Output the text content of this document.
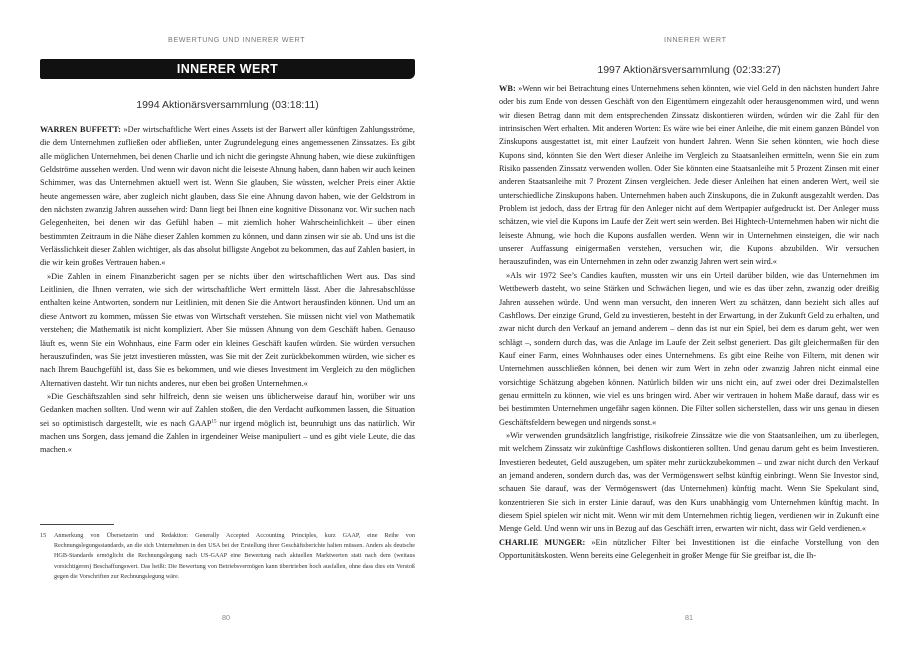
BEWERTUNG UND INNERER WERT
INNERER WERT
1994 Aktionärsversammlung (03:18:11)

WARREN BUFFETT: »Der wirtschaftliche Wert eines Assets ist der Barwert aller künftigen Zahlungsströme, die dem Unternehmen zufließen oder abfließen, unter Zugrundelegung eines angemessenen Zinssatzes. Es gibt alle möglichen Unternehmen, bei denen Charlie und ich nicht die geringste Ahnung haben, wie diese zukünftigen Geldströme aussehen werden. Und wenn wir davon nicht die leiseste Ahnung haben, dann haben wir auch keinen Schimmer, was das Unternehmen aktuell wert ist. Wenn Sie glauben, Sie wüssten, welcher Preis einer Aktie heute angemessen wäre, aber zugleich nicht glauben, dass Sie eine Ahnung davon haben, wie der Geldstrom in den nächsten zwanzig Jahren aussehen wird: Dann liegt bei Ihnen eine kognitive Dissonanz vor. Wir suchen nach Gelegenheiten, bei denen wir das Gefühl haben – mit ziemlich hoher Wahrscheinlichkeit – über einen bestimmten Zeitraum in die Nähe dieser Zahlen kommen zu können, und dann zinsen wir sie ab. Und uns ist die Verlässlichkeit dieser Zahlen wichtiger, als das absolut billigste Angebot zu bekommen, das auf Zahlen basiert, in die wir kein großes Vertrauen haben.«

»Die Zahlen in einem Finanzbericht sagen per se nichts über den wirtschaftlichen Wert aus. Das sind Leitlinien, die Ihnen verraten, wie sich der wirtschaftliche Wert ermitteln lässt. Aber die Jahresabschlüsse enthalten keine Antworten, sondern nur Leitlinien, mit denen Sie die Antwort herausfinden können. Und um an diese Antwort zu kommen, müssen Sie etwas von Wirtschaft verstehen. Sie müssen nicht viel von Mathematik verstehen; die Mathematik ist nicht kompliziert. Aber Sie müssen Ahnung von dem Geschäft haben. Genauso läuft es, wenn Sie ein Wohnhaus, eine Farm oder ein kleines Geschäft kaufen würden. Sie würden versuchen herauszufinden, was Sie jetzt investieren müssten, was Sie mit der Zeit zurückbekommen würden, wie sicher es nach Ihrem Bauchgefühl ist, dass Sie es bekommen, und wie dieses Investment im Vergleich zu den möglichen Alternativen dasteht. Wir tun nichts anderes, nur eben bei großen Unternehmen.«

»Die Geschäftszahlen sind sehr hilfreich, denn sie weisen uns üblicherweise darauf hin, worüber wir uns Gedanken machen sollten. Und wenn wir auf Zahlen stoßen, die den Verdacht aufkommen lassen, die Situation sei so optimistisch dargestellt, wie es nach GAAP$^{15}$ nur irgend möglich ist, beunruhigt uns das natürlich. Wir machen uns Sorgen, dass jemand die Zahlen in irgendeiner Weise manipuliert – und es gibt viele Leute, die das machen.«

15	Anmerkung von Übersetzerin und Redaktion: Generally Accepted Accounting Principles, kurz GAAP, eine Reihe von Rechnungslegungsstandards, an die sich Unternehmen in den USA bei der Erstellung ihrer Geschäftsberichte halten müssen. Anders als deutsche HGB-Standards ermöglicht die Rechnungslegung nach US-GAAP eine Bewertung nach aktuellen Marktwerten statt nach dem (weitaus vorsichtigeren) Beschaffungswert. Das heißt: Die Bewertung von Betriebsvermögen kann übertrieben hoch ausfallen, ohne dass dies ein Verstoß gegen die Vorschriften zur Rechnungslegung wäre.
80
INNERER WERT
1997 Aktionärsversammlung (02:33:27)

WB: »Wenn wir bei Betrachtung eines Unternehmens sehen könnten, wie viel Geld in den nächsten hundert Jahre oder bis zum Ende von dessen Geschäft von den Eigentümern eingezahlt oder herausgenommen wird, und wenn wir diesen Betrag dann mit dem entsprechenden Zinssatz diskontieren würden, würden wir die Zahl für den intrinsischen Wert erhalten. Mit anderen Worten: Es wäre wie bei einer Anleihe, die mit einem ganzen Bündel von Zinskupons ausgestattet ist, mit einer Laufzeit von hundert Jahren. Wenn Sie sehen könnten, wie hoch diese Kupons sind, könnten Sie den Wert dieser Anleihe im Vergleich zu Staatsanleihen ermitteln, wenn Sie ein zum Risiko passenden Zinssatz verwenden wollen. Oder Sie könnten eine Staatsanleihe mit 5 Prozent Zinsen mit einer anderen Staatsanleihe mit 7 Prozent Zinsen vergleichen. Jede dieser Anleihen hat einen anderen Wert, weil sie unterschiedliche Zinskupons haben. Unternehmen haben auch Zinskupons, die in Zukunft ausgezahlt werden. Das Problem ist jedoch, dass der Ertrag für den Anleger nicht auf dem Wertpapier aufgedruckt ist. Der Anleger muss schätzen, wie viel die Kupons im Laufe der Zeit wert sein werden. Bei Hightech-Unternehmen haben wir nicht die leiseste Ahnung, wie hoch die Kupons ausfallen werden. Wenn wir in Unternehmen einsteigen, die wir nach unserer Auffassung einigermaßen verstehen, versuchen wir, die Kupons abzubilden. Wir versuchen herauszufinden, was ein Unternehmen in zehn oder zwanzig Jahren wert sein wird.«

»Als wir 1972 See’s Candies kauften, mussten wir uns ein Urteil darüber bilden, wie das Unternehmen im Wettbewerb dasteht, wo seine Stärken und Schwächen liegen, und wie es das über zehn, zwanzig oder dreißig Jahren aussehen würde. Und wenn man versucht, den inneren Wert zu schätzen, dann bezieht sich alles auf Cashflows. Der einzige Grund, Geld zu investieren, besteht in der Erwartung, in der Zukunft Geld zu erhalten, und zwar nicht durch den Verkauf an jemand anderem – denn das ist nur ein Spiel, bei dem es darum geht, wer wen schlägt –, sondern durch das, was die Anlage im Laufe der Zeit selbst generiert. Das gilt gleichermaßen für den Kauf einer Farm, eines Wohnhauses oder eines Unternehmens. Es gibt eine Reihe von Filtern, mit denen wir Unternehmen ausschließen können, bei denen wir zum Wert in zehn oder zwanzig Jahren nicht einmal eine vorsichtige Schätzung abgeben können. Natürlich bilden wir uns nicht ein, auf zwei oder drei Dezimalstellen genau ermitteln zu können, wie viel es uns bringen wird. Aber wir vertrauen in hohem Maße darauf, dass wir es bei bestimmten Unternehmen ungefähr sagen können. Die Filter sollen sicherstellen, dass wir uns genau in diesen Geschäftsfeldern bewegen und nirgends sonst.«

»Wir verwenden grundsätzlich langfristige, risikofreie Zinssätze wie die von Staatsanleihen, um zu überlegen, mit welchem Zinssatz wir zukünftige Cashflows diskontieren sollten. Und genau darum geht es beim Investieren. Investieren bedeutet, Geld auszugeben, um später mehr zurückzubekommen – und zwar nicht durch den Verkauf an jemand anderen, sondern durch das, was der Vermögenswert selbst künftig einbringt. Wenn Sie Investor sind, schauen Sie darauf, was der Vermögenswert (das Unternehmen) künftig macht. Wenn Sie Spekulant sind, konzentrieren Sie sich in erster Linie darauf, was den Kurs unabhängig vom Unternehmen künftig macht. In diesem Spiel spielen wir nicht mit. Wenn wir mit dem Unternehmen richtig liegen, verdienen wir in Zukunft eine Menge Geld. Und wenn wir uns in Bezug auf das Geschäft irren, erwarten wir nicht, dass wir Geld verdienen.«

CHARLIE MUNGER: »Ein nützlicher Filter bei Investitionen ist die einfache Vorstellung von den Opportunitätskosten. Wenn bereits eine Gelegenheit in großer Menge für Sie greifbar ist, die Ih-

81
